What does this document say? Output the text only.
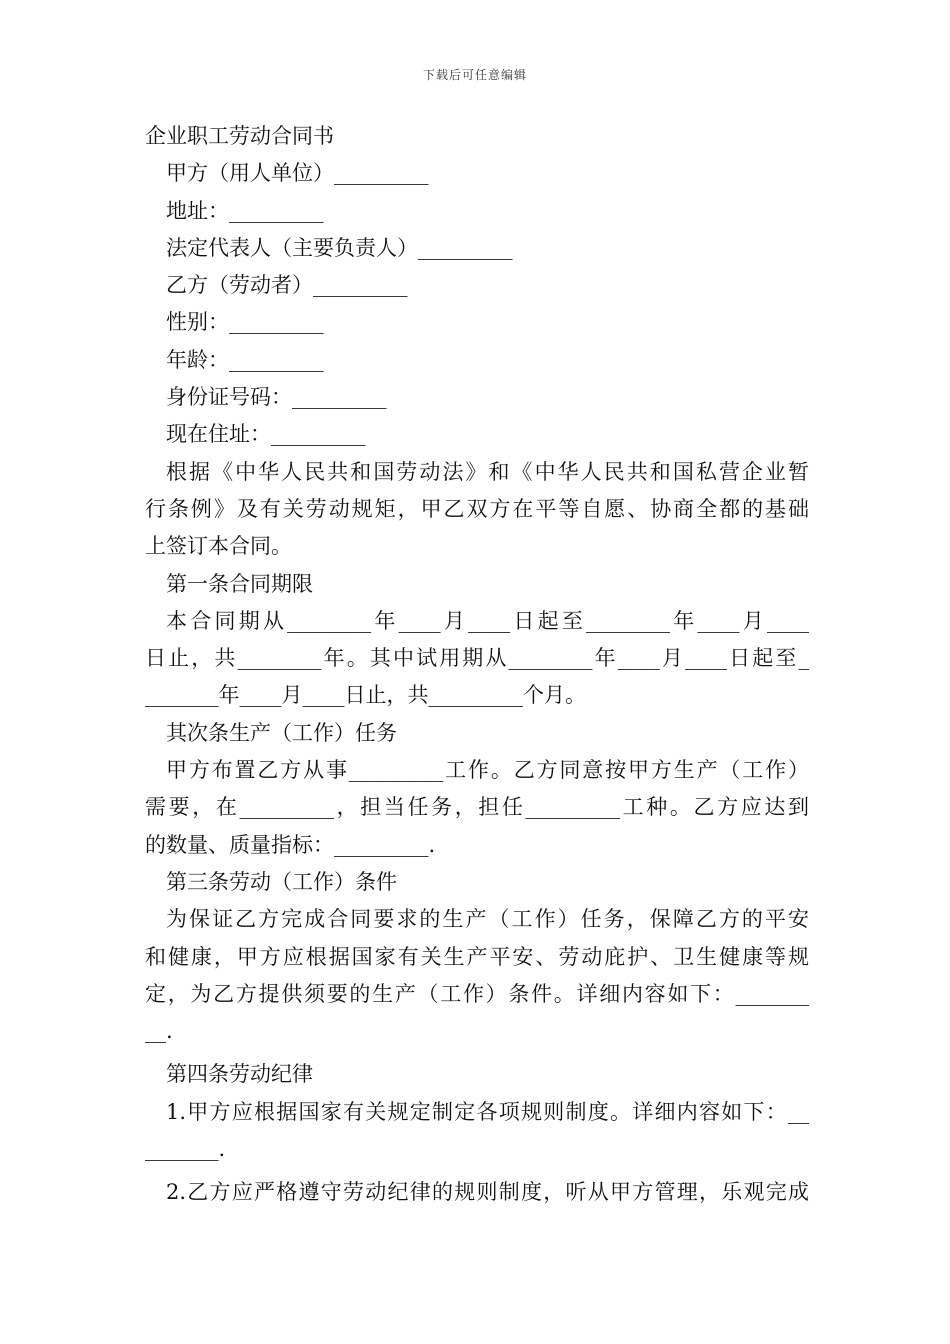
下载后可任意编辑
企业职工劳动合同书
甲方（用人单位）_________
地址：_________
法定代表人（主要负责人）_________
乙方（劳动者）_________
性别：_________
年龄：_________
身份证号码：_________
现在住址：_________
根据《中华人民共和国劳动法》和《中华人民共和国私营企业暂
行条例》及有关劳动规矩，甲乙双方在平等自愿、协商全都的基础
上签订本合同。
第一条合同期限
本合同期从________年____月____日起至________年____月____
日止，共________年。其中试用期从________年____月____日起至_
_______年____月____日止，共_________个月。
其次条生产（工作）任务
甲方布置乙方从事_________工作。乙方同意按甲方生产（工作）
需要，在_________，担当任务，担任_________工种。乙方应达到
的数量、质量指标：_________.
第三条劳动（工作）条件
为保证乙方完成合同要求的生产（工作）任务，保障乙方的平安
和健康，甲方应根据国家有关生产平安、劳动庇护、卫生健康等规
定，为乙方提供须要的生产（工作）条件。详细内容如下：_______
__.
第四条劳动纪律
1.甲方应根据国家有关规定制定各项规则制度。详细内容如下：__
_______.
2.乙方应严格遵守劳动纪律的规则制度，听从甲方管理，乐观完成
